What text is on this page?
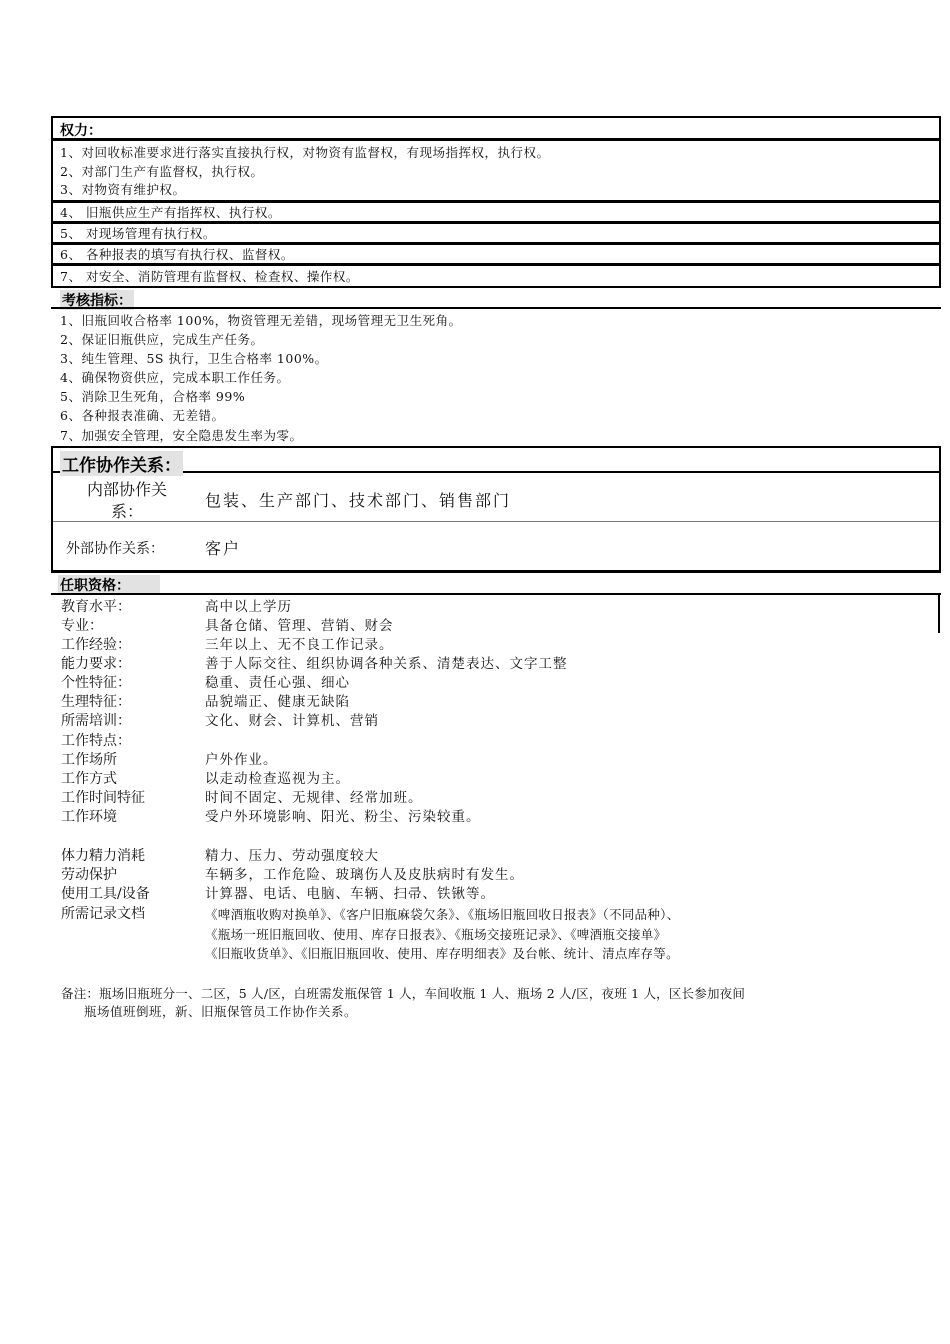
权力：
1、对回收标准要求进行落实直接执行权，对物资有监督权，有现场指挥权，执行权。
2、对部门生产有监督权，执行权。
3、对物资有维护权。
4、 旧瓶供应生产有指挥权、执行权。
5、 对现场管理有执行权。
6、 各种报表的填写有执行权、监督权。
7、 对安全、消防管理有监督权、检查权、操作权。
考核指标：
1、旧瓶回收合格率 100%，物资管理无差错，现场管理无卫生死角。
2、保证旧瓶供应，完成生产任务。
3、纯生管理、5S 执行，卫生合格率 100%。
4、确保物资供应，完成本职工作任务。
5、消除卫生死角，合格率 99%
6、各种报表准确、无差错。
7、加强安全管理，安全隐患发生率为零。
工作协作关系：
内部协作关
系：
包装、生产部门、技术部门、销售部门
外部协作关系：	客户
任职资格：
教育水平：	高中以上学历
专业：	具备仓储、管理、营销、财会
工作经验：	三年以上、无不良工作记录。
能力要求：	善于人际交往、组织协调各种关系、清楚表达、文字工整
个性特征：	稳重、责任心强、细心
生理特征：	品貌端正、健康无缺陷
所需培训：	文化、财会、计算机、营销
工作特点：
工作场所	户外作业。
工作方式	以走动检查巡视为主。
工作时间特征	时间不固定、无规律、经常加班。
工作环境	受户外环境影响、阳光、粉尘、污染较重。
体力精力消耗	精力、压力、劳动强度较大
劳动保护	车辆多，工作危险、玻璃伤人及皮肤病时有发生。
使用工具/设备	计算器、电话、电脑、车辆、扫帚、铁锹等。
所需记录文档	《啤酒瓶收购对换单》、《客户旧瓶麻袋欠条》、《瓶场旧瓶回收日报表》（不同品种）、
《瓶场一班旧瓶回收、使用、库存日报表》、《瓶场交接班记录》、《啤酒瓶交接单》
《旧瓶收货单》、《旧瓶旧瓶回收、使用、库存明细表》及台帐、统计、清点库存等。
备注：瓶场旧瓶班分一、二区，5 人/区，白班需发瓶保管 1 人，车间收瓶 1 人、瓶场 2 人/区，夜班 1 人，区长参加夜间
瓶场值班倒班，新、旧瓶保管员工作协作关系。
